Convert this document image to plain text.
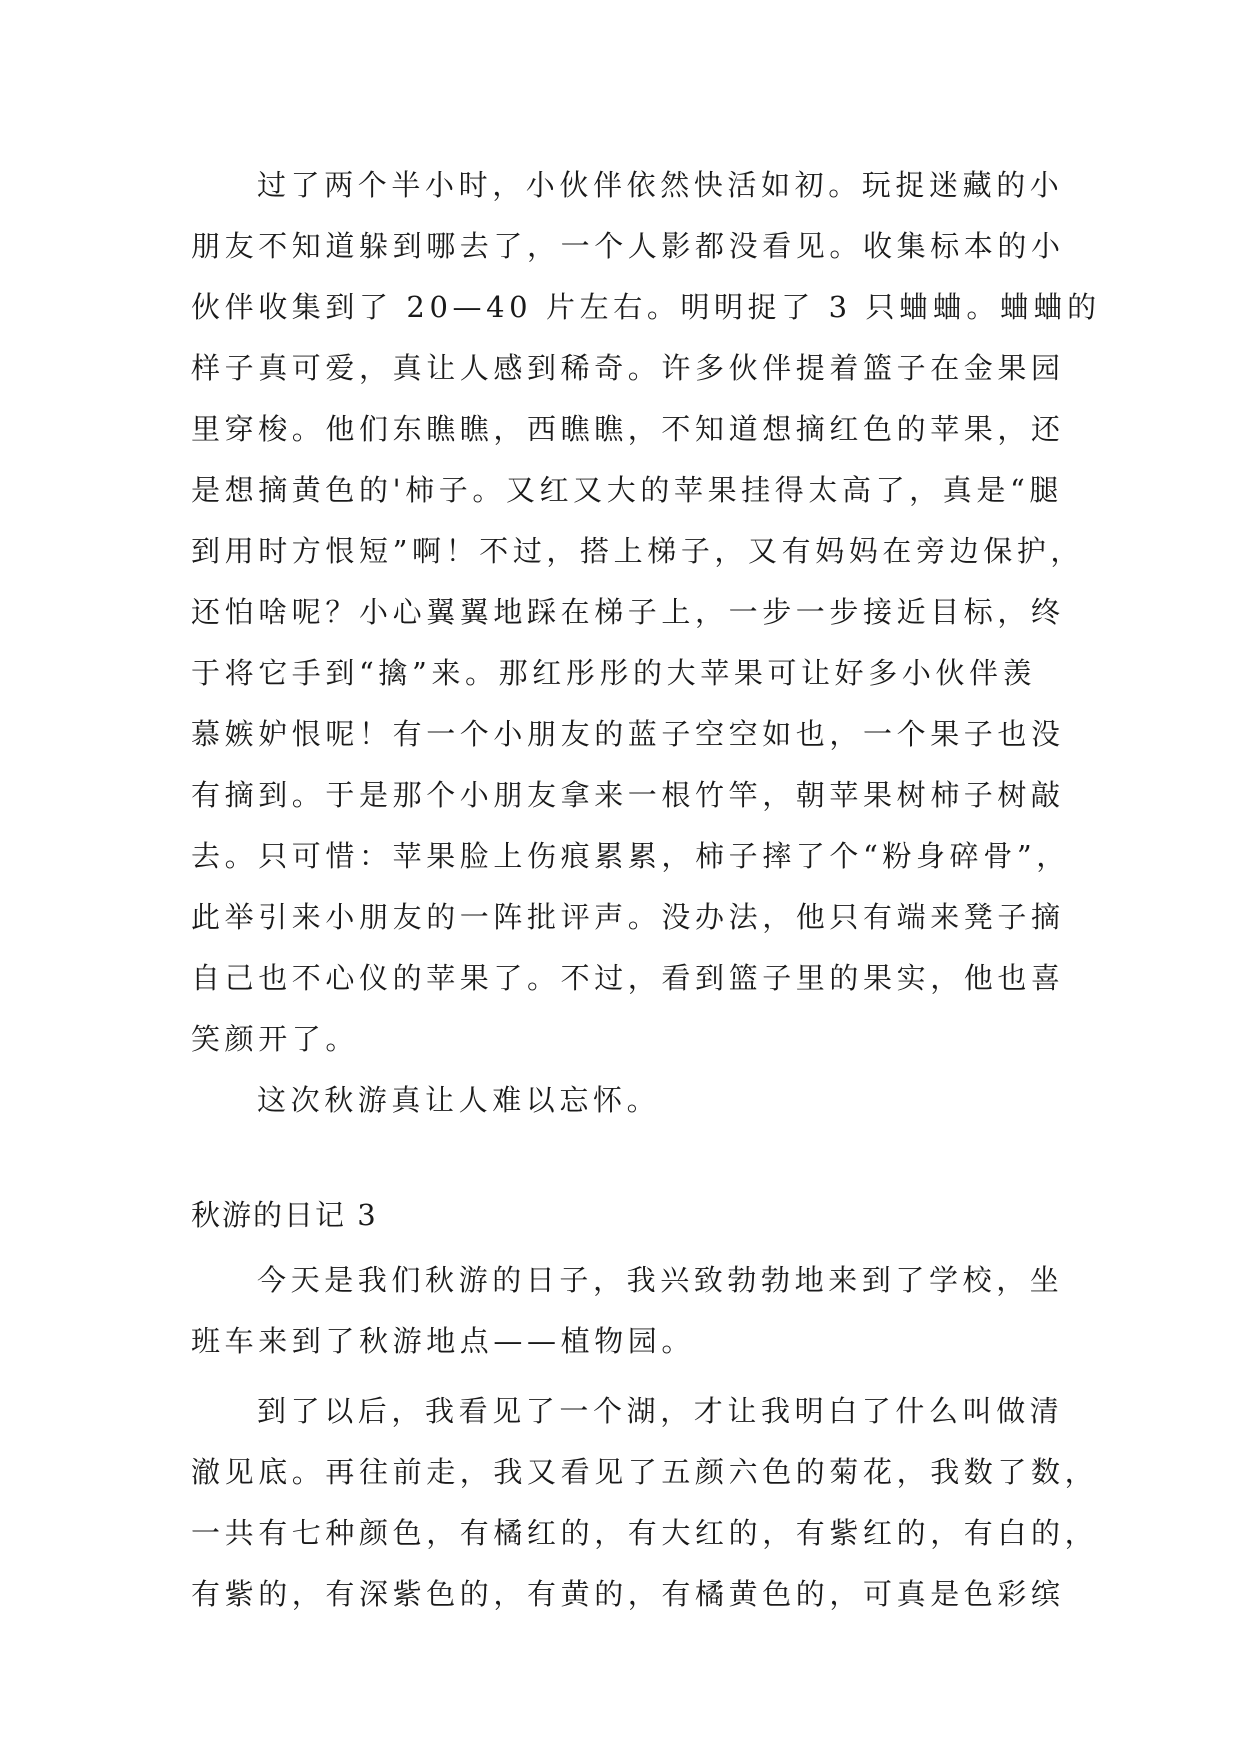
过了两个半小时，小伙伴依然快活如初。玩捉迷藏的小
朋友不知道躲到哪去了，一个人影都没看见。收集标本的小
伙伴收集到了 20—40 片左右。明明捉了 3 只蛐蛐。蛐蛐的
样子真可爱，真让人感到稀奇。许多伙伴提着篮子在金果园
里穿梭。他们东瞧瞧，西瞧瞧，不知道想摘红色的苹果，还
是想摘黄色的'柿子。又红又大的苹果挂得太高了，真是“腿
到用时方恨短”啊！不过，搭上梯子，又有妈妈在旁边保护，
还怕啥呢？小心翼翼地踩在梯子上，一步一步接近目标，终
于将它手到“擒”来。那红彤彤的大苹果可让好多小伙伴羡
慕嫉妒恨呢！有一个小朋友的蓝子空空如也，一个果子也没
有摘到。于是那个小朋友拿来一根竹竿，朝苹果树柿子树敲
去。只可惜：苹果脸上伤痕累累，柿子摔了个“粉身碎骨”，
此举引来小朋友的一阵批评声。没办法，他只有端来凳子摘
自己也不心仪的苹果了。不过，看到篮子里的果实，他也喜
笑颜开了。
这次秋游真让人难以忘怀。
秋游的日记 3
今天是我们秋游的日子，我兴致勃勃地来到了学校，坐
班车来到了秋游地点——植物园。
到了以后，我看见了一个湖，才让我明白了什么叫做清
澈见底。再往前走，我又看见了五颜六色的菊花，我数了数，
一共有七种颜色，有橘红的，有大红的，有紫红的，有白的，
有紫的，有深紫色的，有黄的，有橘黄色的，可真是色彩缤
